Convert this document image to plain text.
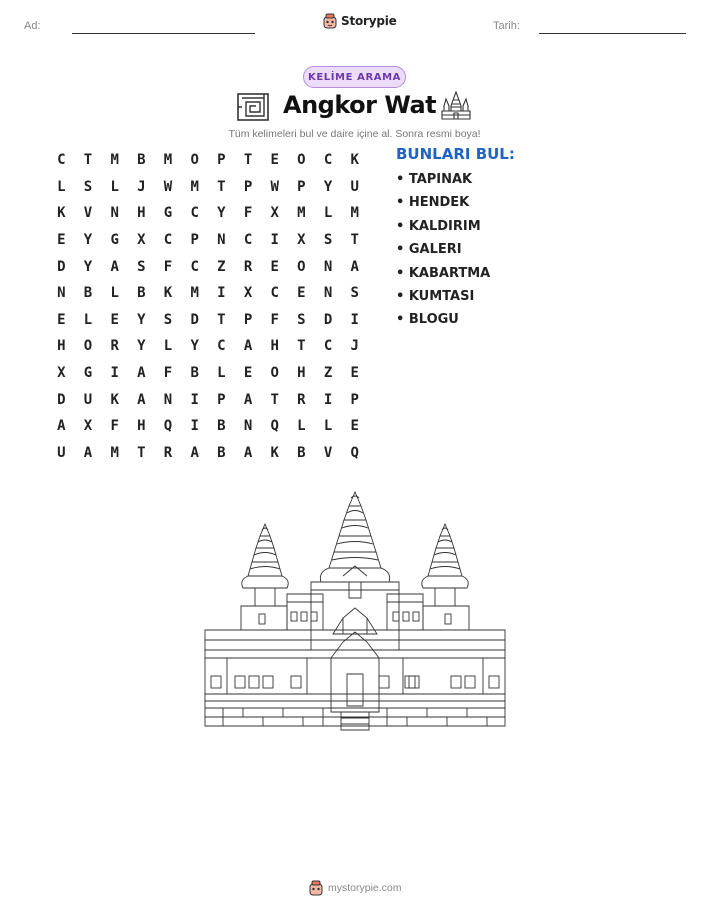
Ad:	Storypie	Tarih:
KELİME ARAMA
Angkor Wat
Tüm kelimeleri bul ve daire içine al. Sonra resmi boya!
C	T	M	B	M	O	P	T	E	O	C	K
L	S	L	J	W	M	T	P	W	P	Y	U
K	V	N	H	G	C	Y	F	X	M	L	M
E	Y	G	X	C	P	N	C	I	X	S	T
D	Y	A	S	F	C	Z	R	E	O	N	A
N	B	L	B	K	M	I	X	C	E	N	S
E	L	E	Y	S	D	T	P	F	S	D	I
H	O	R	Y	L	Y	C	A	H	T	C	J
X	G	I	A	F	B	L	E	O	H	Z	E
D	U	K	A	N	I	P	A	T	R	I	P
A	X	F	H	Q	I	B	N	Q	L	L	E
U	A	M	T	R	A	B	A	K	B	V	Q
BUNLARI BUL:
• TAPINAK
• HENDEK
• KALDIRIM
• GALERI
• KABARTMA
• KUMTASI
• BLOGU
mystorypie.com
